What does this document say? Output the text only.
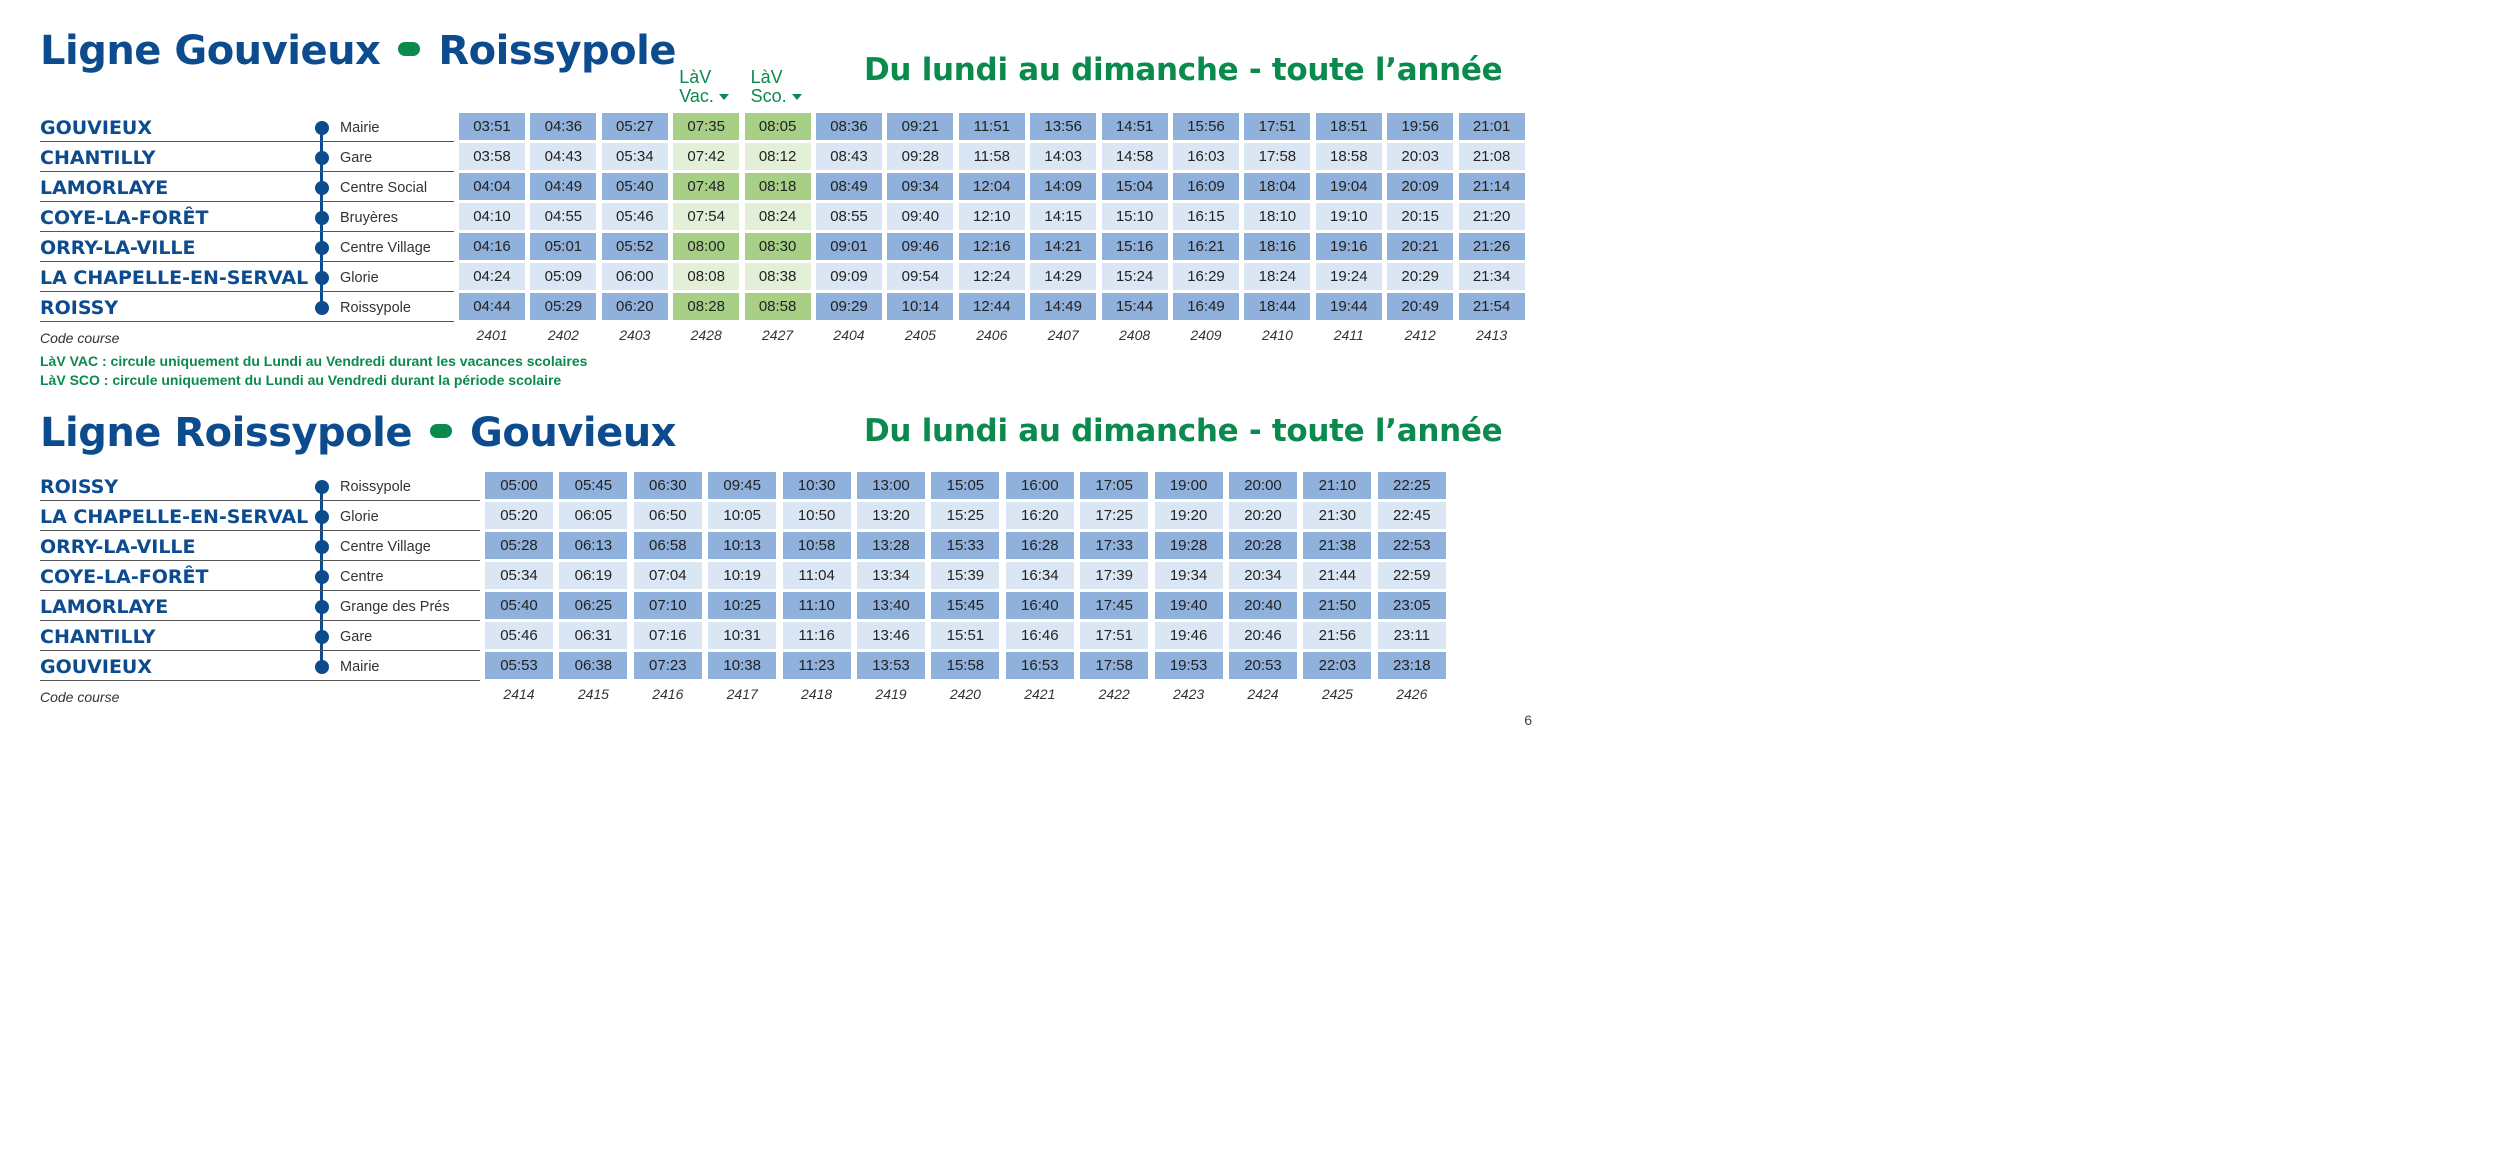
Ligne Gouvieux Roissypole	Du lundi au dimanche - toute l’année
LàV
Vac.
LàV
Sco.
GOUVIEUX	Mairie	03:51	04:36	05:27	07:35	08:05	08:36	09:21	11:51	13:56	14:51	15:56	17:51	18:51	19:56	21:01
CHANTILLY	Gare	03:58	04:43	05:34	07:42	08:12	08:43	09:28	11:58	14:03	14:58	16:03	17:58	18:58	20:03	21:08
LAMORLAYE	Centre Social	04:04	04:49	05:40	07:48	08:18	08:49	09:34	12:04	14:09	15:04	16:09	18:04	19:04	20:09	21:14
COYE-LA-FORÊT	Bruyères	04:10	04:55	05:46	07:54	08:24	08:55	09:40	12:10	14:15	15:10	16:15	18:10	19:10	20:15	21:20
ORRY-LA-VILLE	Centre Village	04:16	05:01	05:52	08:00	08:30	09:01	09:46	12:16	14:21	15:16	16:21	18:16	19:16	20:21	21:26
LA CHAPELLE-EN-SERVAL Glorie	04:24	05:09	06:00	08:08	08:38	09:09	09:54	12:24	14:29	15:24	16:29	18:24	19:24	20:29	21:34
ROISSY	Roissypole	04:44	05:29	06:20	08:28	08:58	09:29	10:14	12:44	14:49	15:44	16:49	18:44	19:44	20:49	21:54
Code course	2401	2402	2403	2428	2427	2404	2405	2406	2407	2408	2409	2410	2411	2412	2413
LàV VAC : circule uniquement du Lundi au Vendredi durant les vacances scolaires
LàV SCO : circule uniquement du Lundi au Vendredi durant la période scolaire
Ligne Roissypole Gouvieux	Du lundi au dimanche - toute l’année
ROISSY	Roissypole	05:00	05:45	06:30	09:45	10:30	13:00	15:05	16:00	17:05	19:00	20:00	21:10	22:25
LA CHAPELLE-EN-SERVAL Glorie	05:20	06:05	06:50	10:05	10:50	13:20	15:25	16:20	17:25	19:20	20:20	21:30	22:45
ORRY-LA-VILLE	Centre Village	05:28	06:13	06:58	10:13	10:58	13:28	15:33	16:28	17:33	19:28	20:28	21:38	22:53
COYE-LA-FORÊT	Centre	05:34	06:19	07:04	10:19	11:04	13:34	15:39	16:34	17:39	19:34	20:34	21:44	22:59
LAMORLAYE	Grange des Prés	05:40	06:25	07:10	10:25	11:10	13:40	15:45	16:40	17:45	19:40	20:40	21:50	23:05
CHANTILLY	Gare	05:46	06:31	07:16	10:31	11:16	13:46	15:51	16:46	17:51	19:46	20:46	21:56	23:11
GOUVIEUX	Mairie	05:53	06:38	07:23	10:38	11:23	13:53	15:58	16:53	17:58	19:53	20:53	22:03	23:18
Code course	2414	2415	2416	2417	2418	2419	2420	2421	2422	2423	2424	2425	2426
6
